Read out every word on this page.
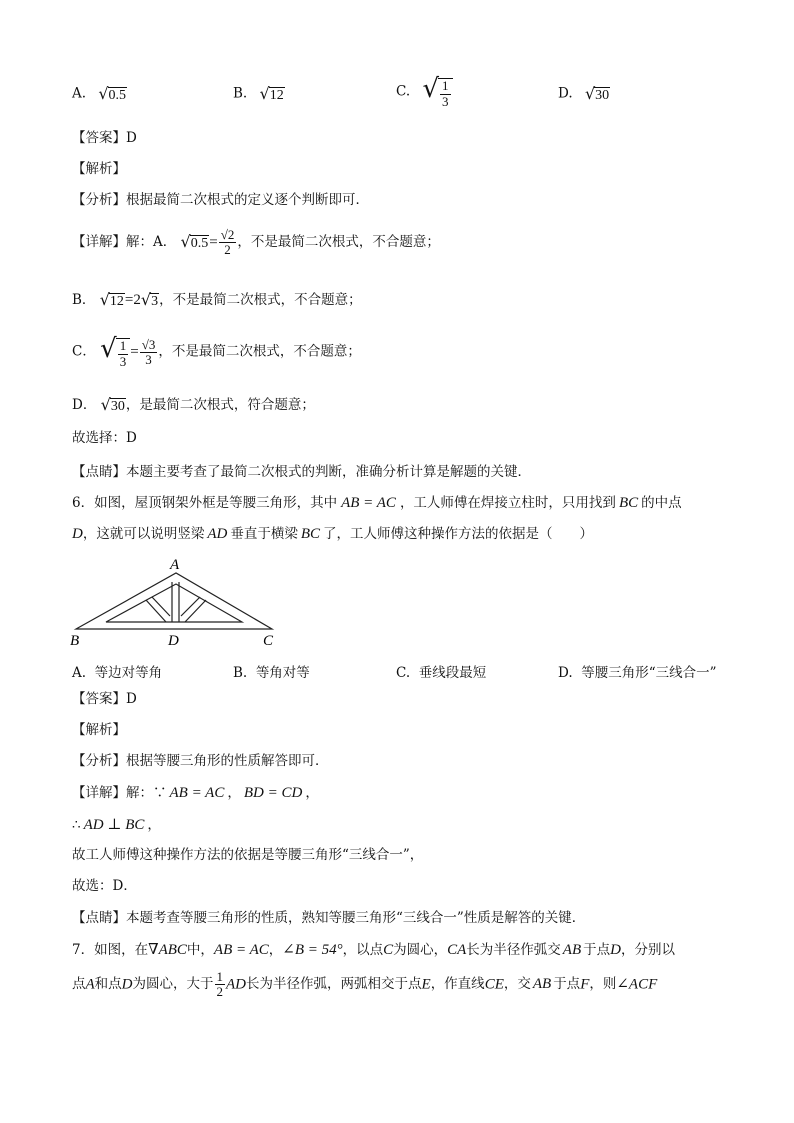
A. √0.5	B. √12	C. √ $\frac{1}{3}$	D. √30
【答案】D
【解析】
【分析】根据最简二次根式的定义逐个判断即可．
【详解】解：A． $√0.5= \frac{√2}{2}$ ，不是最简二次根式，不合题意；
B． √12=2√3，不是最简二次根式，不合题意；
C． √ $\frac{1}{3} = \frac{√3}{3}$ ，不是最简二次根式，不合题意；
D． √30，是最简二次根式，符合题意；
故选择：D
【点睛】本题主要考查了最简二次根式的判断，准确分析计算是解题的关键．
6．如图，屋顶钢架外框是等腰三角形，其中 AB = AC ，工人师傅在焊接立柱时，只用找到 BC 的中点
D，这就可以说明竖梁 AD 垂直于横梁 BC 了，工人师傅这种操作方法的依据是（　　）
A
B	D	C
A. 等边对等角	B. 等角对等	C. 垂线段最短	D. 等腰三角形“三线合一”
【答案】D
【解析】
【分析】根据等腰三角形的性质解答即可．
【详解】解：∵ AB = AC ， BD = CD ，
∴ AD ⊥ BC ，
故工人师傅这种操作方法的依据是等腰三角形“三线合一”，
故选：D．
【点睛】本题考查等腰三角形的性质，熟知等腰三角形“三线合一”性质是解答的关键．
7．如图，在∇ABC中，AB = AC，∠B = 54°，以点C为圆心，CA长为半径作弧交 AB 于点D，分别以
点A和点D为圆心，大于 $\frac{1}{2}$ AD长为半径作弧，两弧相交于点E，作直线CE，交 AB 于点F，则∠ACF
